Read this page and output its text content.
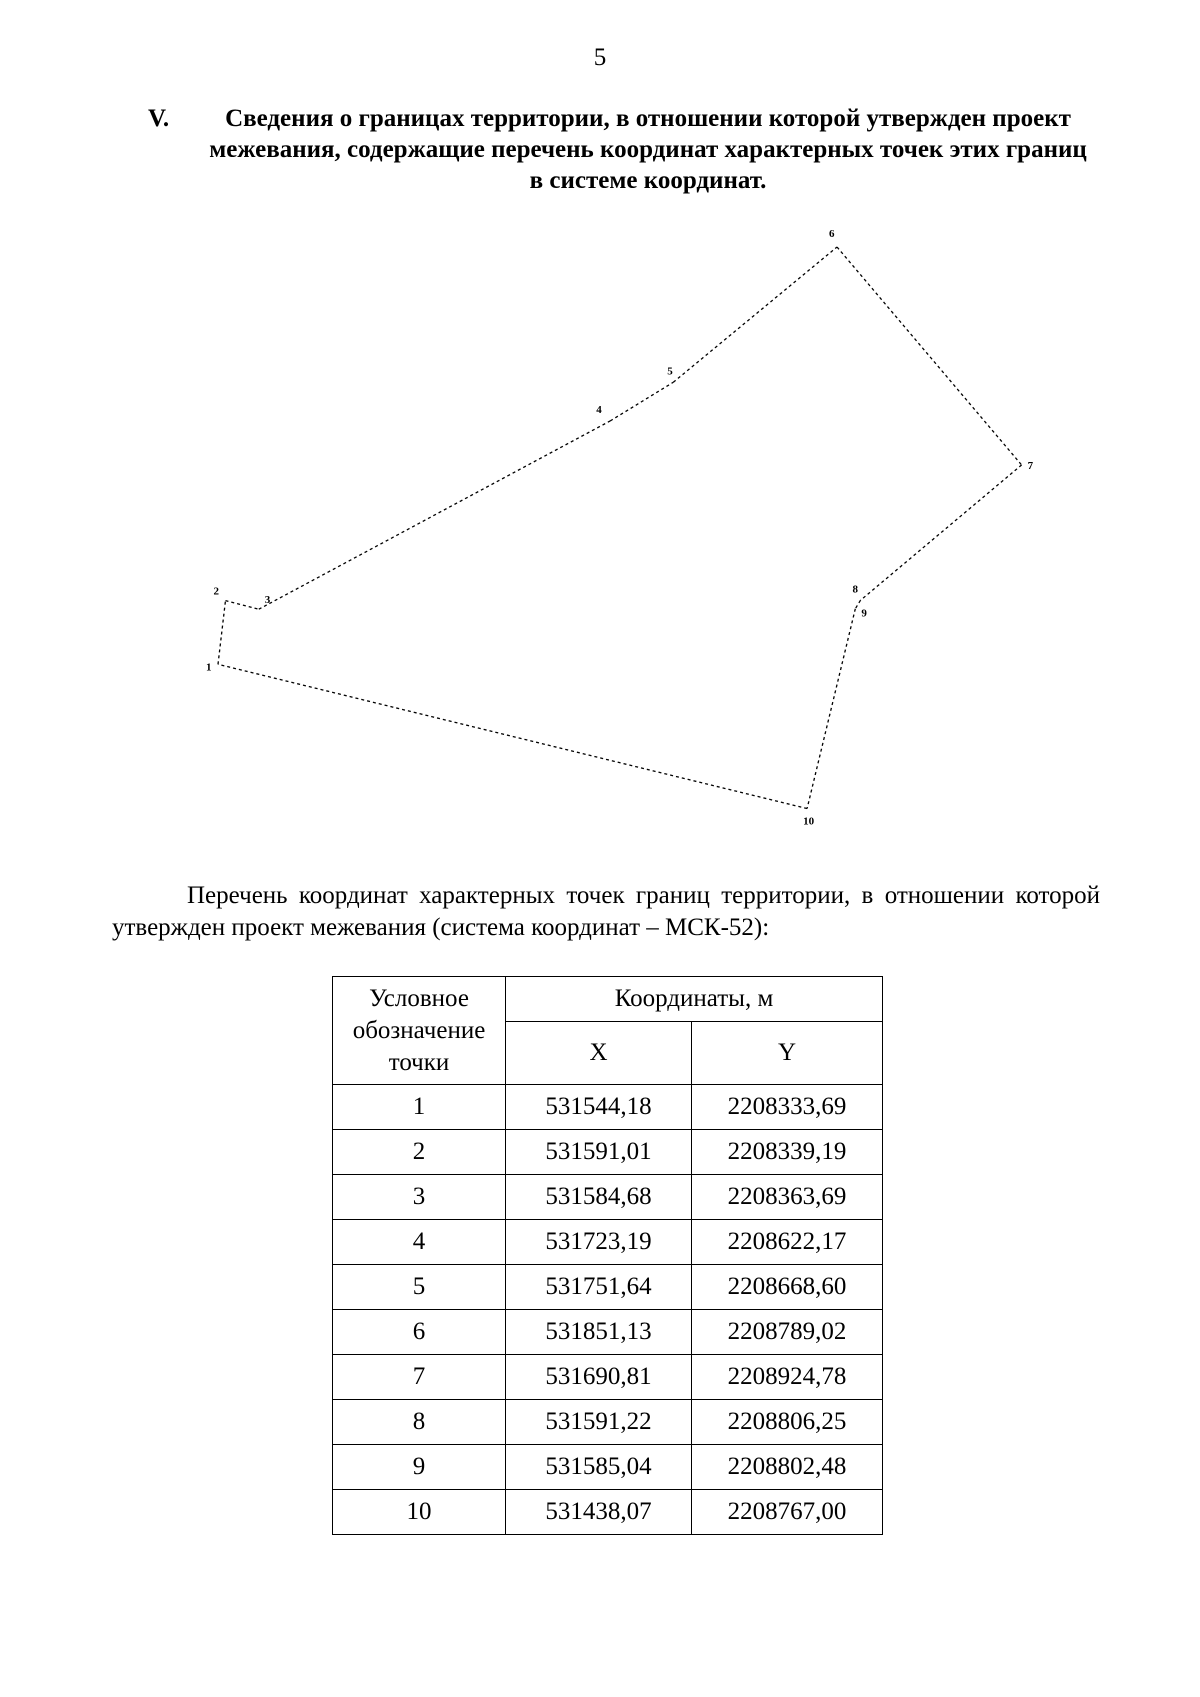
5
V.	Сведения о границах территории, в отношении которой утвержден проект межевания, содержащие перечень координат характерных точек этих границ в системе координат.
1
2
3
4
5
6
7
8
9
10
Перечень координат характерных точек границ территории, в отношении которой утвержден проект межевания (система координат – МСК-52):
Условное обозначение точки	Координаты, м	
	X	Y
1	531544,18	2208333,69
2	531591,01	2208339,19
3	531584,68	2208363,69
4	531723,19	2208622,17
5	531751,64	2208668,60
6	531851,13	2208789,02
7	531690,81	2208924,78
8	531591,22	2208806,25
9	531585,04	2208802,48
10	531438,07	2208767,00
